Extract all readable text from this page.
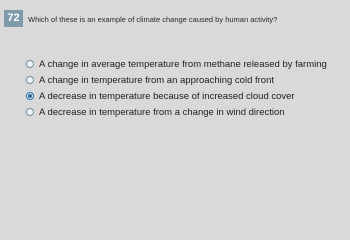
72	Which of these is an example of climate change caused by human activity?
A change in average temperature from methane released by farming
A change in temperature from an approaching cold front
A decrease in temperature because of increased cloud cover
A decrease in temperature from a change in wind direction
